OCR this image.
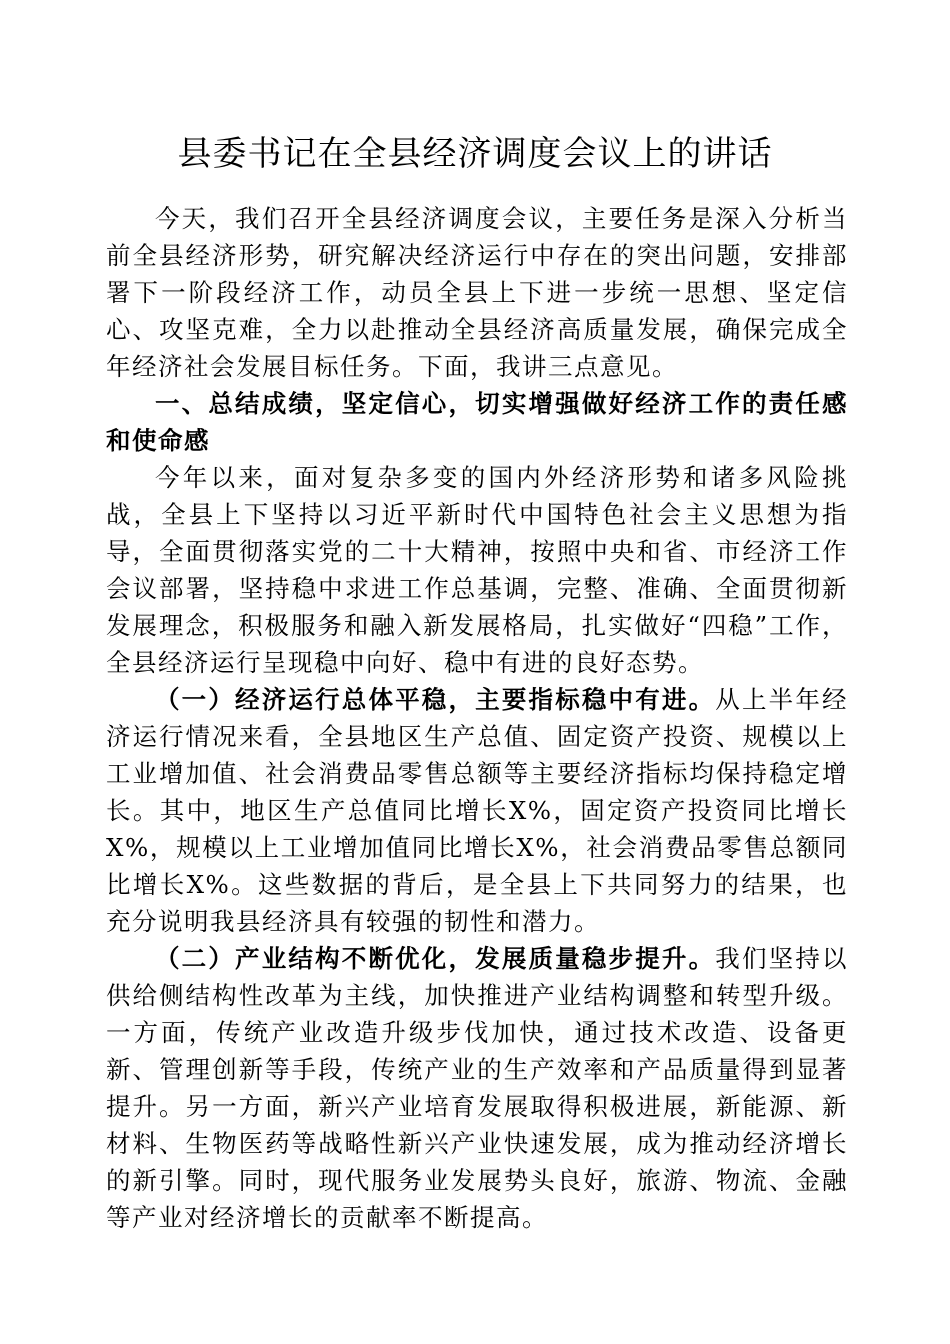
县委书记在全县经济调度会议上的讲话

今天，我们召开全县经济调度会议，主要任务是深入分析当前全县经济形势，研究解决经济运行中存在的突出问题，安排部署下一阶段经济工作，动员全县上下进一步统一思想、坚定信心、攻坚克难，全力以赴推动全县经济高质量发展，确保完成全年经济社会发展目标任务。下面，我讲三点意见。

一、总结成绩，坚定信心，切实增强做好经济工作的责任感和使命感

今年以来，面对复杂多变的国内外经济形势和诸多风险挑战，全县上下坚持以习近平新时代中国特色社会主义思想为指导，全面贯彻落实党的二十大精神，按照中央和省、市经济工作会议部署，坚持稳中求进工作总基调，完整、准确、全面贯彻新发展理念，积极服务和融入新发展格局，扎实做好“四稳”工作，全县经济运行呈现稳中向好、稳中有进的良好态势。

（一）经济运行总体平稳，主要指标稳中有进。从上半年经济运行情况来看，全县地区生产总值、固定资产投资、规模以上工业增加值、社会消费品零售总额等主要经济指标均保持稳定增长。其中，地区生产总值同比增长X%，固定资产投资同比增长X%，规模以上工业增加值同比增长X%，社会消费品零售总额同比增长X%。这些数据的背后，是全县上下共同努力的结果，也充分说明我县经济具有较强的韧性和潜力。

（二）产业结构不断优化，发展质量稳步提升。我们坚持以供给侧结构性改革为主线，加快推进产业结构调整和转型升级。一方面，传统产业改造升级步伐加快，通过技术改造、设备更新、管理创新等手段，传统产业的生产效率和产品质量得到显著提升。另一方面，新兴产业培育发展取得积极进展，新能源、新材料、生物医药等战略性新兴产业快速发展，成为推动经济增长的新引擎。同时，现代服务业发展势头良好，旅游、物流、金融等产业对经济增长的贡献率不断提高。
